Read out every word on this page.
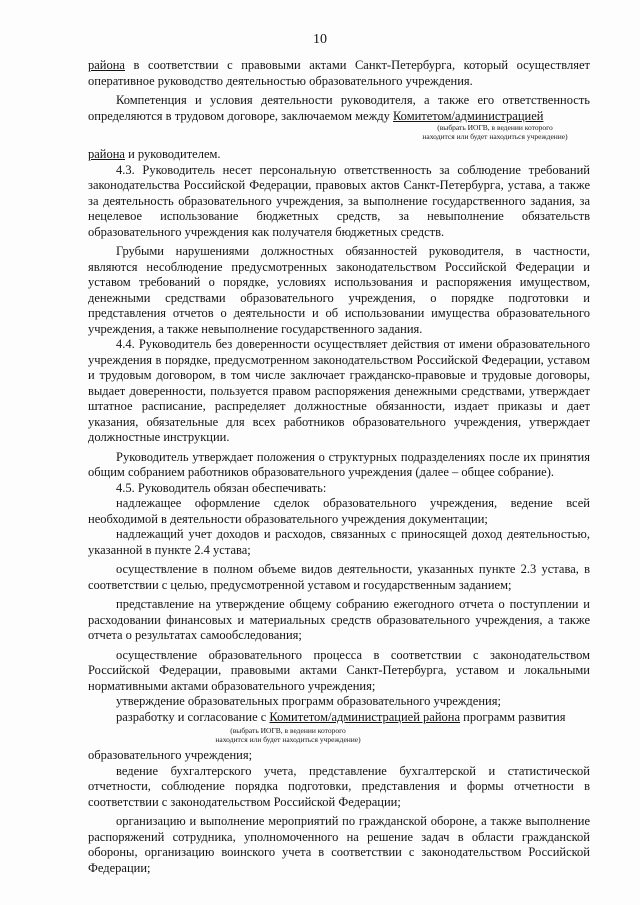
10

района в соответствии с правовыми актами Санкт-Петербурга, который осуществляет оперативное руководство деятельностью образовательного учреждения.

Компетенция и условия деятельности руководителя, а также его ответственность определяются в трудовом договоре, заключаемом между Комитетом/администрацией

(выбрать ИОГВ, в ведении которого
находится или будет находиться учреждение)

района и руководителем.

4.3. Руководитель несет персональную ответственность за соблюдение требований законодательства Российской Федерации, правовых актов Санкт-Петербурга, устава, а также за деятельность образовательного учреждения, за выполнение государственного задания, за нецелевое использование бюджетных средств, за невыполнение обязательств образовательного учреждения как получателя бюджетных средств.

Грубыми нарушениями должностных обязанностей руководителя, в частности, являются несоблюдение предусмотренных законодательством Российской Федерации и уставом требований о порядке, условиях использования и распоряжения имуществом, денежными средствами образовательного учреждения, о порядке подготовки и представления отчетов о деятельности и об использовании имущества образовательного учреждения, а также невыполнение государственного задания.

4.4. Руководитель без доверенности осуществляет действия от имени образовательного учреждения в порядке, предусмотренном законодательством Российской Федерации, уставом и трудовым договором, в том числе заключает гражданско-правовые и трудовые договоры, выдает доверенности, пользуется правом распоряжения денежными средствами, утверждает штатное расписание, распределяет должностные обязанности, издает приказы и дает указания, обязательные для всех работников образовательного учреждения, утверждает должностные инструкции.

Руководитель утверждает положения о структурных подразделениях после их принятия общим собранием работников образовательного учреждения (далее – общее собрание).

4.5. Руководитель обязан обеспечивать:

надлежащее оформление сделок образовательного учреждения, ведение всей необходимой в деятельности образовательного учреждения документации;

надлежащий учет доходов и расходов, связанных с приносящей доход деятельностью, указанной в пункте 2.4 устава;

осуществление в полном объеме видов деятельности, указанных пункте 2.3 устава, в соответствии с целью, предусмотренной уставом и государственным заданием;

представление на утверждение общему собранию ежегодного отчета о поступлении и расходовании финансовых и материальных средств образовательного учреждения, а также отчета о результатах самообследования;

осуществление образовательного процесса в соответствии с законодательством Российской Федерации, правовыми актами Санкт-Петербурга, уставом и локальными нормативными актами образовательного учреждения;

утверждение образовательных программ образовательного учреждения;

разработку и согласование с Комитетом/администрацией района программ развития

(выбрать ИОГВ, в ведении которого
находится или будет находиться учреждение)

образовательного учреждения;

ведение бухгалтерского учета, представление бухгалтерской и статистической отчетности, соблюдение порядка подготовки, представления и формы отчетности в соответствии с законодательством Российской Федерации;

организацию и выполнение мероприятий по гражданской обороне, а также выполнение распоряжений сотрудника, уполномоченного на решение задач в области гражданской обороны, организацию воинского учета в соответствии с законодательством Российской Федерации;
